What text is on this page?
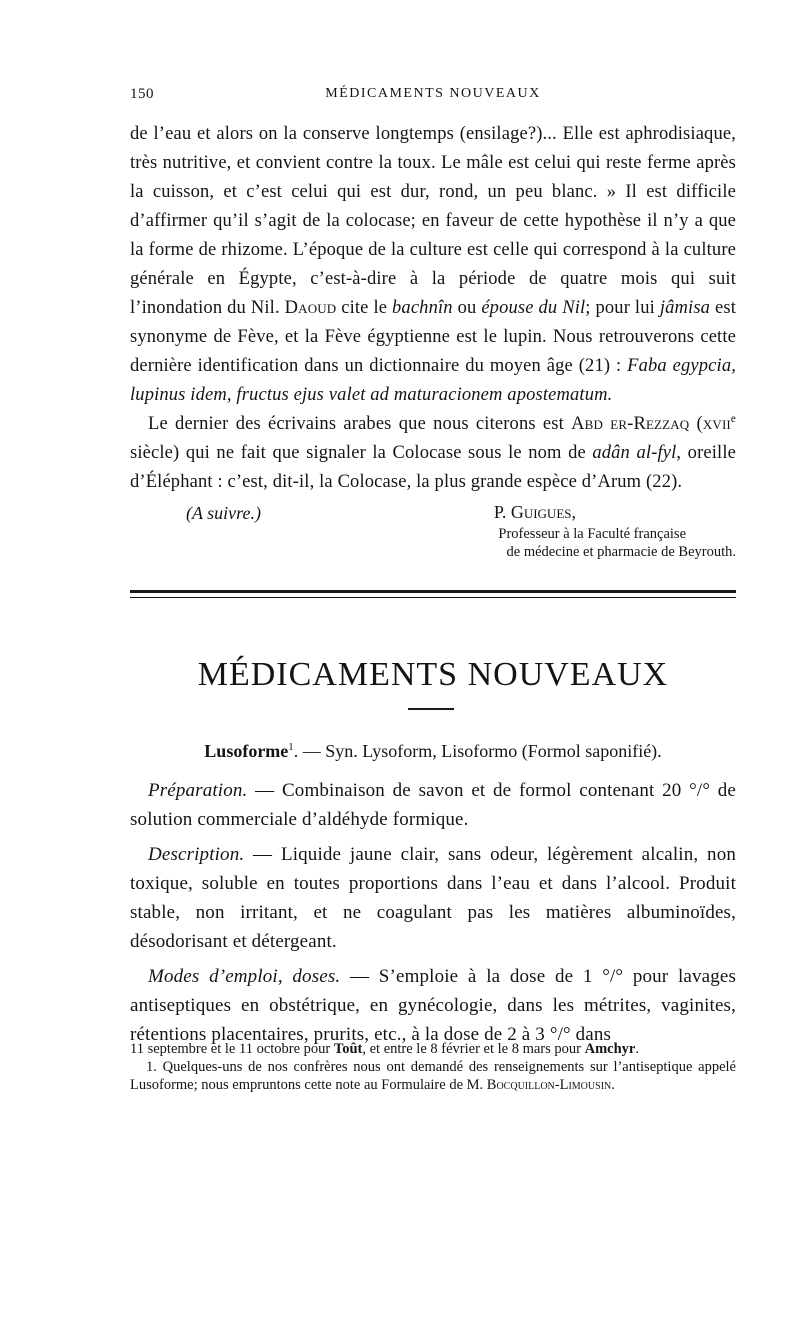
150	MÉDICAMENTS NOUVEAUX

de l’eau et alors on la conserve longtemps (ensilage?)... Elle est aphrodisiaque, très nutritive, et convient contre la toux. Le mâle est celui qui reste ferme après la cuisson, et c’est celui qui est dur, rond, un peu blanc. » Il est difficile d’affirmer qu’il s’agit de la colocase; en faveur de cette hypothèse il n’y a que la forme de rhizome. L’époque de la culture est celle qui correspond à la culture générale en Égypte, c’est-à-dire à la période de quatre mois qui suit l’inondation du Nil. Daoud cite le bachnîn ou épouse du Nil; pour lui jâmisa est synonyme de Fève, et la Fève égyptienne est le lupin. Nous retrouverons cette dernière identification dans un dictionnaire du moyen âge (21) : Faba egypcia, lupinus idem, fructus ejus valet ad maturacionem apostematum.

Le dernier des écrivains arabes que nous citerons est Abd er-Rezzaq (xvii$^e$ siècle) qui ne fait que signaler la Colocase sous le nom de adân al-fyl, oreille d’Éléphant : c’est, dit-il, la Colocase, la plus grande espèce d’Arum (22).

(A suivre.)	P. Guigues,
Professeur à la Faculté française
de médecine et pharmacie de Beyrouth.
MÉDICAMENTS NOUVEAUX

Lusoforme$^1$. — Syn. Lysoform, Lisoformo (Formol saponifié).

Préparation. — Combinaison de savon et de formol contenant 20 °/° de solution commerciale d’aldéhyde formique.

Description. — Liquide jaune clair, sans odeur, légèrement alcalin, non toxique, soluble en toutes proportions dans l’eau et dans l’alcool. Produit stable, non irritant, et ne coagulant pas les matières albuminoïdes, désodorisant et détergeant.

Modes d’emploi, doses. — S’emploie à la dose de 1 °/° pour lavages antiseptiques en obstétrique, en gynécologie, dans les métrites, vaginites, rétentions placentaires, prurits, etc., à la dose de 2 à 3 °/° dans

11 septembre et le 11 octobre pour Toût, et entre le 8 février et le 8 mars pour Amchyr.

1. Quelques-uns de nos confrères nous ont demandé des renseignements sur l’antiseptique appelé Lusoforme; nous empruntons cette note au Formulaire de M. Bocquillon-Limousin.
